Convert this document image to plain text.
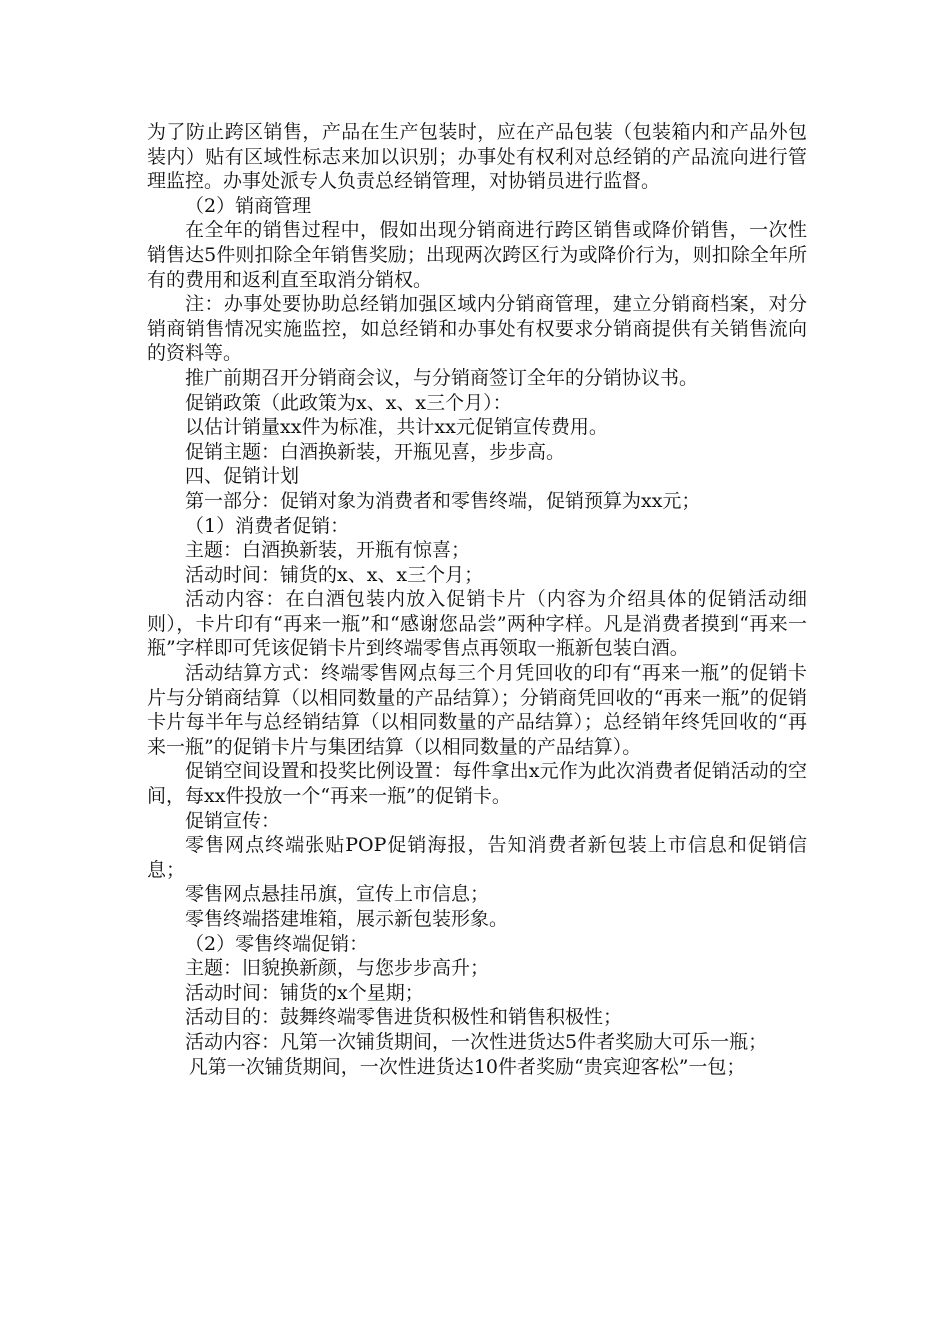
为了防止跨区销售，产品在生产包装时，应在产品包装（包装箱内和产品外包装内）贴有区域性标志来加以识别；办事处有权利对总经销的产品流向进行管理监控。办事处派专人负责总经销管理，对协销员进行监督。

（2）销商管理

在全年的销售过程中，假如出现分销商进行跨区销售或降价销售，一次性销售达5件则扣除全年销售奖励；出现两次跨区行为或降价行为，则扣除全年所有的费用和返利直至取消分销权。

注：办事处要协助总经销加强区域内分销商管理，建立分销商档案，对分销商销售情况实施监控，如总经销和办事处有权要求分销商提供有关销售流向的资料等。

推广前期召开分销商会议，与分销商签订全年的分销协议书。

促销政策（此政策为x、x、x三个月）：

以估计销量xx件为标准，共计xx元促销宣传费用。

促销主题：白酒换新装，开瓶见喜，步步高。

四、促销计划

第一部分：促销对象为消费者和零售终端，促销预算为xx元；

（1）消费者促销：

主题：白酒换新装，开瓶有惊喜；

活动时间：铺货的x、x、x三个月；

活动内容：在白酒包装内放入促销卡片（内容为介绍具体的促销活动细则），卡片印有“再来一瓶”和“感谢您品尝”两种字样。凡是消费者摸到“再来一瓶”字样即可凭该促销卡片到终端零售点再领取一瓶新包装白酒。

活动结算方式：终端零售网点每三个月凭回收的印有“再来一瓶”的促销卡片与分销商结算（以相同数量的产品结算）；分销商凭回收的“再来一瓶”的促销卡片每半年与总经销结算（以相同数量的产品结算）；总经销年终凭回收的“再来一瓶”的促销卡片与集团结算（以相同数量的产品结算）。

促销空间设置和投奖比例设置：每件拿出x元作为此次消费者促销活动的空间，每xx件投放一个“再来一瓶”的促销卡。

促销宣传：

零售网点终端张贴POP促销海报，告知消费者新包装上市信息和促销信息；

零售网点悬挂吊旗，宣传上市信息；

零售终端搭建堆箱，展示新包装形象。

（2）零售终端促销：

主题：旧貌换新颜，与您步步高升；

活动时间：铺货的x个星期；

活动目的：鼓舞终端零售进货积极性和销售积极性；

活动内容：凡第一次铺货期间，一次性进货达5件者奖励大可乐一瓶；

凡第一次铺货期间，一次性进货达10件者奖励“贵宾迎客松”一包；
